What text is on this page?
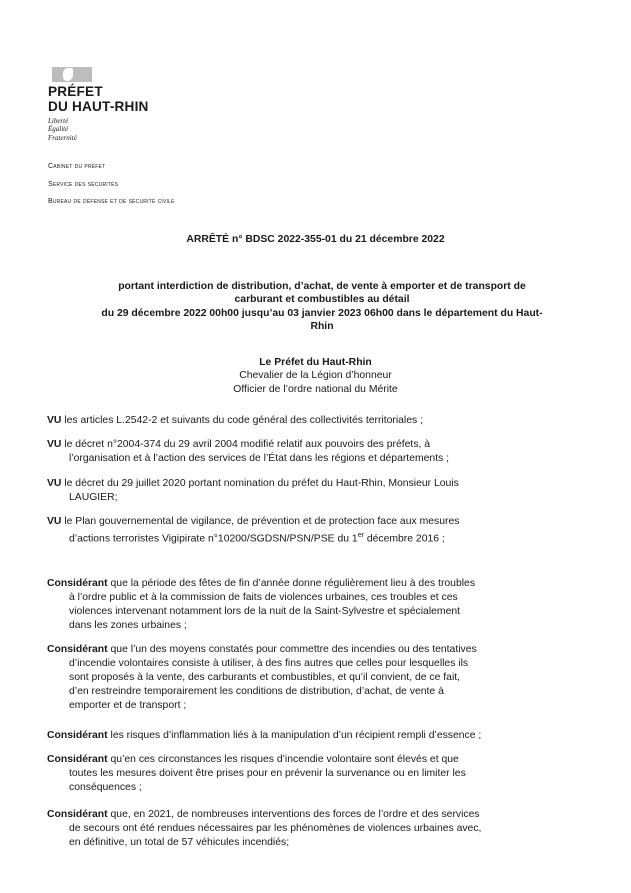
PRÉFET
DU HAUT-RHIN
Liberté
Égalité
Fraternité
Cabinet du préfet
Service des sécurités
Bureau de défense et de sécurité civile
ARRÊTÉ n° BDSC 2022-355-01 du 21 décembre 2022
portant interdiction de distribution, d’achat, de vente à emporter et de transport de
carburant et combustibles au détail
du 29 décembre 2022 00h00 jusqu’au 03 janvier 2023 06h00 dans le département du Haut-
Rhin
Le Préfet du Haut-Rhin
Chevalier de la Légion d’honneur
Officier de l’ordre national du Mérite
VU les articles L.2542-2 et suivants du code général des collectivités territoriales ;
VU le décret n°2004-374 du 29 avril 2004 modifié relatif aux pouvoirs des préfets, à
l’organisation et à l’action des services de l’État dans les régions et départements ;
VU le décret du 29 juillet 2020 portant nomination du préfet du Haut-Rhin, Monsieur Louis
LAUGIER;
VU le Plan gouvernemental de vigilance, de prévention et de protection face aux mesures
d’actions terroristes Vigipirate n°10200/SGDSN/PSN/PSE du 1er décembre 2016 ;
Considérant que la période des fêtes de fin d’année donne régulièrement lieu à des troubles
à l’ordre public et à la commission de faits de violences urbaines, ces troubles et ces
violences intervenant notamment lors de la nuit de la Saint-Sylvestre et spécialement
dans les zones urbaines ;
Considérant que l’un des moyens constatés pour commettre des incendies ou des tentatives
d’incendie volontaires consiste à utiliser, à des fins autres que celles pour lesquelles ils
sont proposés à la vente, des carburants et combustibles, et qu’il convient, de ce fait,
d’en restreindre temporairement les conditions de distribution, d’achat, de vente à
emporter et de transport ;
Considérant les risques d’inflammation liés à la manipulation d’un récipient rempli d’essence ;
Considérant qu’en ces circonstances les risques d’incendie volontaire sont élevés et que
toutes les mesures doivent être prises pour en prévenir la survenance ou en limiter les
conséquences ;
Considérant que, en 2021, de nombreuses interventions des forces de l’ordre et des services
de secours ont été rendues nécessaires par les phénomènes de violences urbaines avec,
en définitive, un total de 57 véhicules incendiés;
